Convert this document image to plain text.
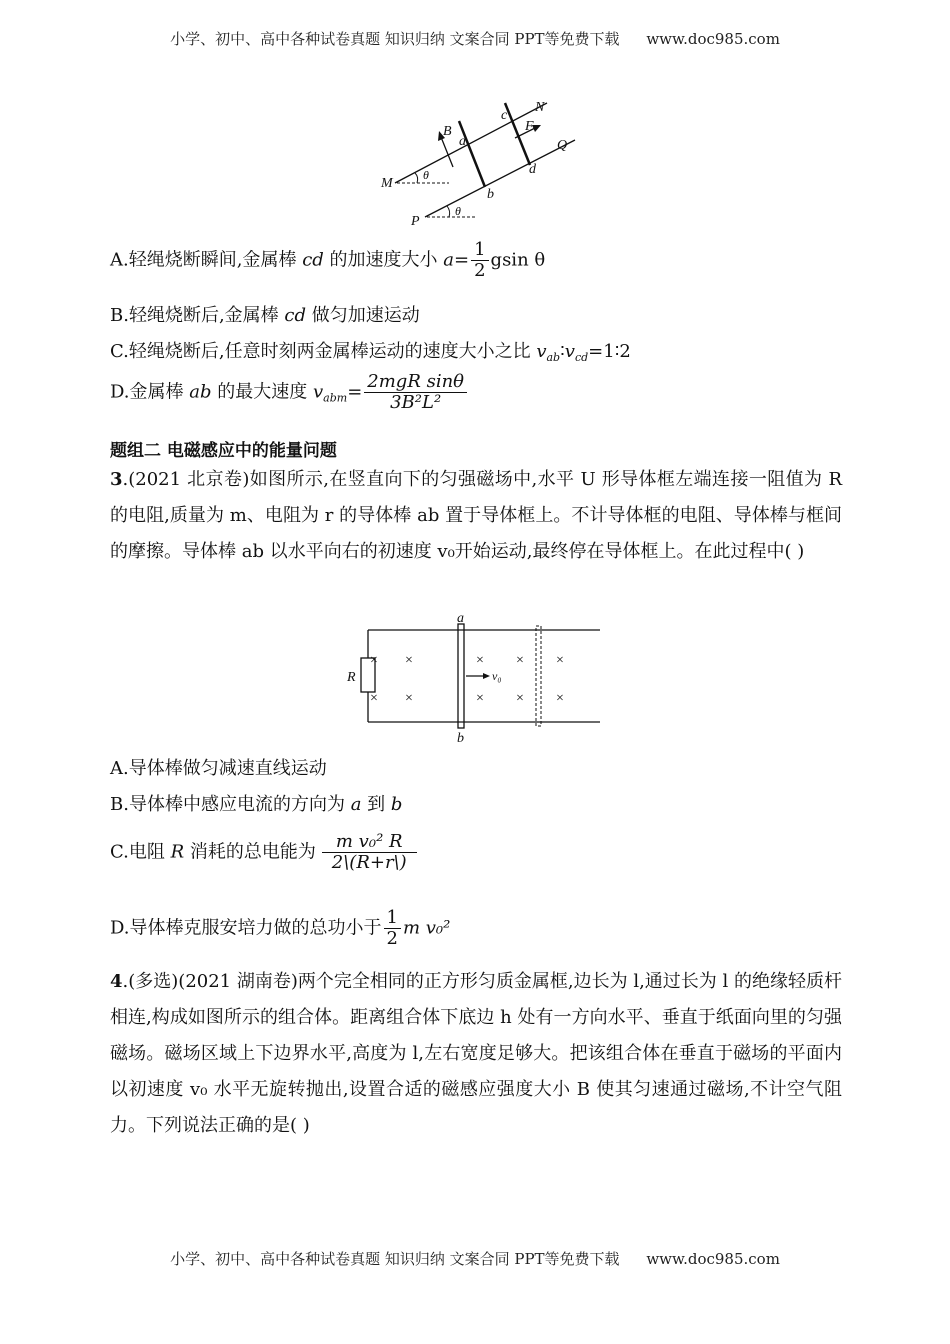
小学、初中、高中各种试卷真题 知识归纳 文案合同 PPT等免费下载 www.doc985.com
B
a
c
N
F
Q
d
b
M
P
θ
θ
A.轻绳烧断瞬间,金属棒 cd 的加速度大小 $a= \frac{1}{2}$ gsin θ
B.轻绳烧断后,金属棒 cd 做匀加速运动
C.轻绳烧断后,任意时刻两金属棒运动的速度大小之比 $v_{ab}∶v_{cd}=1∶2$
D.金属棒 ab 的最大速度 $v_{abm}= \frac{\text{2mgR sinθ}}{\text{3B²L²}}$
题组二 电磁感应中的能量问题
3.(2021 北京卷)如图所示,在竖直向下的匀强磁场中,水平 U 形导体框左端连接一阻值为 R 的电阻,质量为 m、电阻为 r 的导体棒 ab 置于导体框上。不计导体框的电阻、导体棒与框间的摩擦。导体棒 ab 以水平向右的初速度 v₀开始运动,最终停在导体框上。在此过程中( )
× ×	× × ×
× ×	× × ×
R
a
b
v₀
A.导体棒做匀减速直线运动
B.导体棒中感应电流的方向为 a 到 b
C.电阻 R 消耗的总电能为 $\frac{\text{m v₀² R}}{2\backslash(R+r\backslash)}$
D.导体棒克服安培力做的总功小于 $\frac{1}{2}$ m v₀²
4.(多选)(2021 湖南卷)两个完全相同的正方形匀质金属框,边长为 l,通过长为 l 的绝缘轻质杆相连,构成如图所示的组合体。距离组合体下底边 h 处有一方向水平、垂直于纸面向里的匀强磁场。磁场区域上下边界水平,高度为 l,左右宽度足够大。把该组合体在垂直于磁场的平面内以初速度 v₀ 水平无旋转抛出,设置合适的磁感应强度大小 B 使其匀速通过磁场,不计空气阻力。下列说法正确的是( )
小学、初中、高中各种试卷真题 知识归纳 文案合同 PPT等免费下载 www.doc985.com
